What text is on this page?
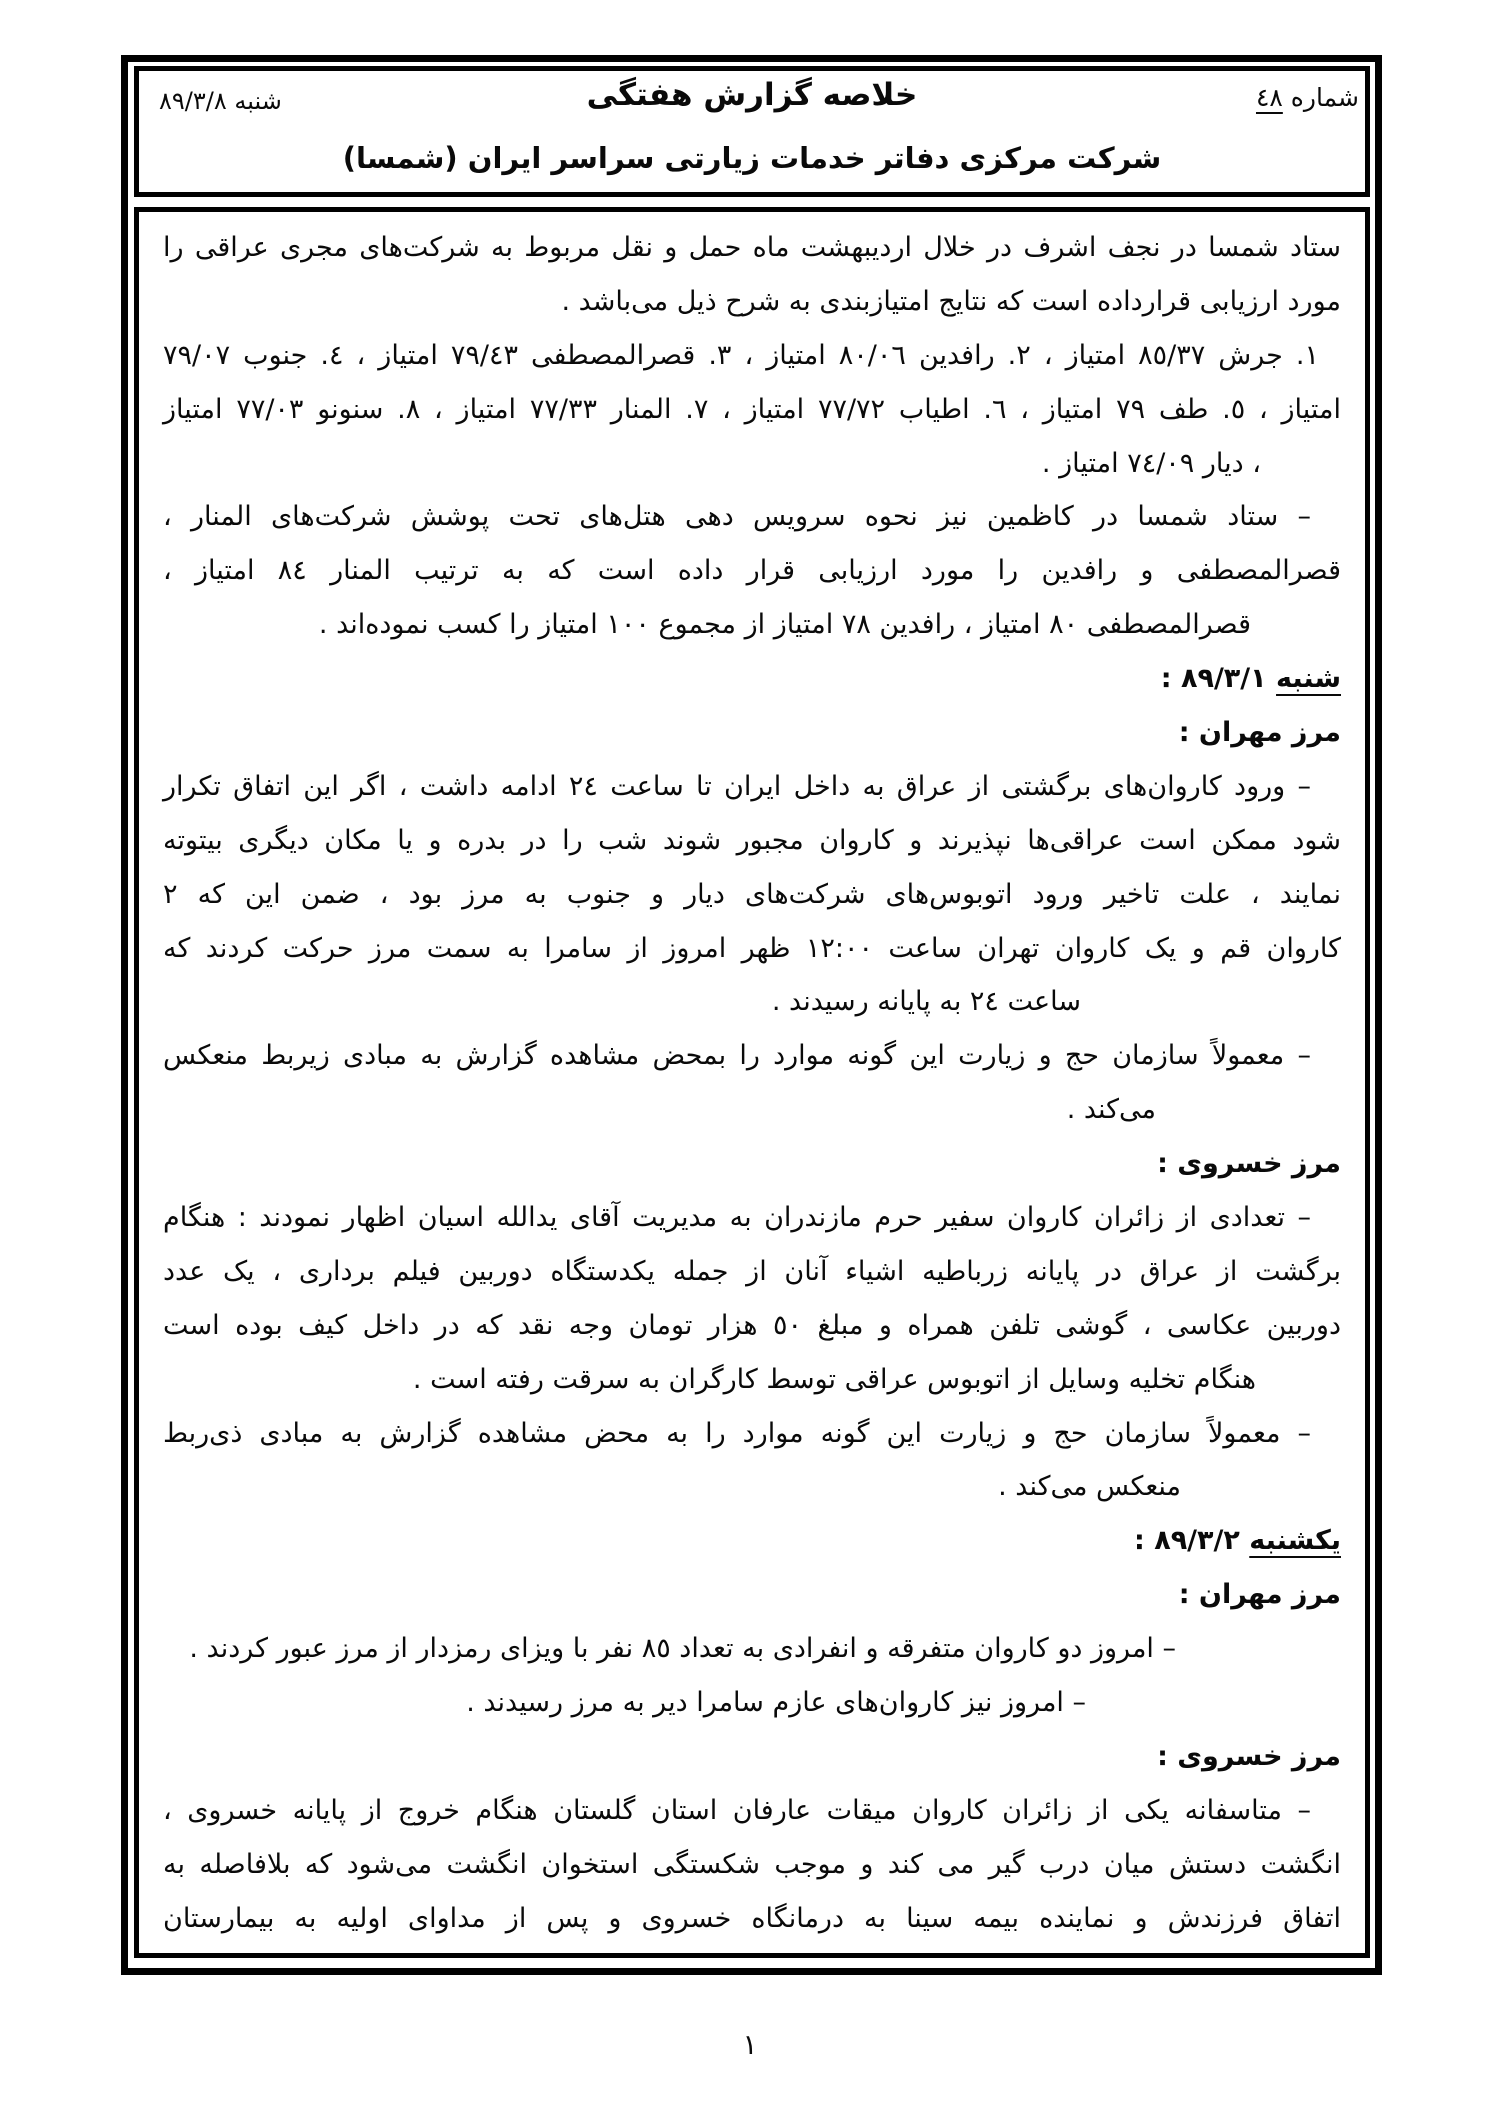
شماره ٤٨
خلاصه گزارش هفتگی
شنبه ٨٩/٣/٨
شرکت مرکزی دفاتر خدمات زیارتی سراسر ایران (شمسا)
ستاد شمسا در نجف اشرف در خلال اردیبهشت ماه حمل و نقل مربوط به شرکت‌های مجری عراقی را
مورد ارزیابی قرارداده است که نتایج امتیازبندی به شرح ذیل می‌باشد .
١. جرش ٨٥/٣٧ امتیاز ، ٢. رافدین ٨٠/٠٦ امتیاز ، ٣. قصرالمصطفی ٧٩/٤٣ امتیاز ، ٤. جنوب ٧٩/٠٧
امتیاز ، ٥. طف ٧٩ امتیاز ، ٦. اطیاب ٧٧/٧٢ امتیاز ، ٧. المنار ٧٧/٣٣ امتیاز ، ٨. سنونو ٧٧/٠٣ امتیاز
، دیار ٧٤/٠٩ امتیاز .
– ستاد شمسا در کاظمین نیز نحوه سرویس دهی هتل‌های تحت پوشش شرکت‌های المنار ،
قصرالمصطفی و رافدین را مورد ارزیابی قرار داده است که به ترتیب المنار ٨٤ امتیاز ،
قصرالمصطفی ٨٠ امتیاز ، رافدین ٧٨ امتیاز از مجموع ١٠٠ امتیاز را کسب نموده‌اند .
شنبه ٨٩/٣/١ :
مرز مهران :
– ورود کاروان‌های برگشتی از عراق به داخل ایران تا ساعت ٢٤ ادامه داشت ، اگر این اتفاق تکرار
شود ممکن است عراقی‌ها نپذیرند و کاروان مجبور شوند شب را در بدره و یا مکان دیگری بیتوته
نمایند ، علت تاخیر ورود اتوبوس‌های شرکت‌های دیار و جنوب به مرز بود ، ضمن این که ٢
کاروان قم و یک کاروان تهران ساعت ١٢:٠٠ ظهر امروز از سامرا به سمت مرز حرکت کردند که
ساعت ٢٤ به پایانه رسیدند .
– معمولاً سازمان حج و زیارت این گونه موارد را بمحض مشاهده گزارش به مبادی زیربط منعکس
می‌کند .
مرز خسروی :
– تعدادی از زائران کاروان سفیر حرم مازندران به مدیریت آقای یدالله اسیان اظهار نمودند : هنگام
برگشت از عراق در پایانه زرباطیه اشیاء آنان از جمله یکدستگاه دوربین فیلم برداری ، یک عدد
دوربین عکاسی ، گوشی تلفن همراه و مبلغ ٥٠ هزار تومان وجه نقد که در داخل کیف بوده است
هنگام تخلیه وسایل از اتوبوس عراقی توسط کارگران به سرقت رفته است .
– معمولاً سازمان حج و زیارت این گونه موارد را به محض مشاهده گزارش به مبادی ذی‌ربط
منعکس می‌کند .
یکشنبه ٨٩/٣/٢ :
مرز مهران :
– امروز دو کاروان متفرقه و انفرادی به تعداد ٨٥ نفر با ویزای رمزدار از مرز عبور کردند .
– امروز نیز کاروان‌های عازم سامرا دیر به مرز رسیدند .
مرز خسروی :
– متاسفانه یکی از زائران کاروان میقات عارفان استان گلستان هنگام خروج از پایانه خسروی ،
انگشت دستش میان درب گیر می کند و موجب شکستگی استخوان انگشت می‌شود که بلافاصله به
اتفاق فرزندش و نماینده بیمه سینا به درمانگاه خسروی و پس از مداوای اولیه به بیمارستان
١
